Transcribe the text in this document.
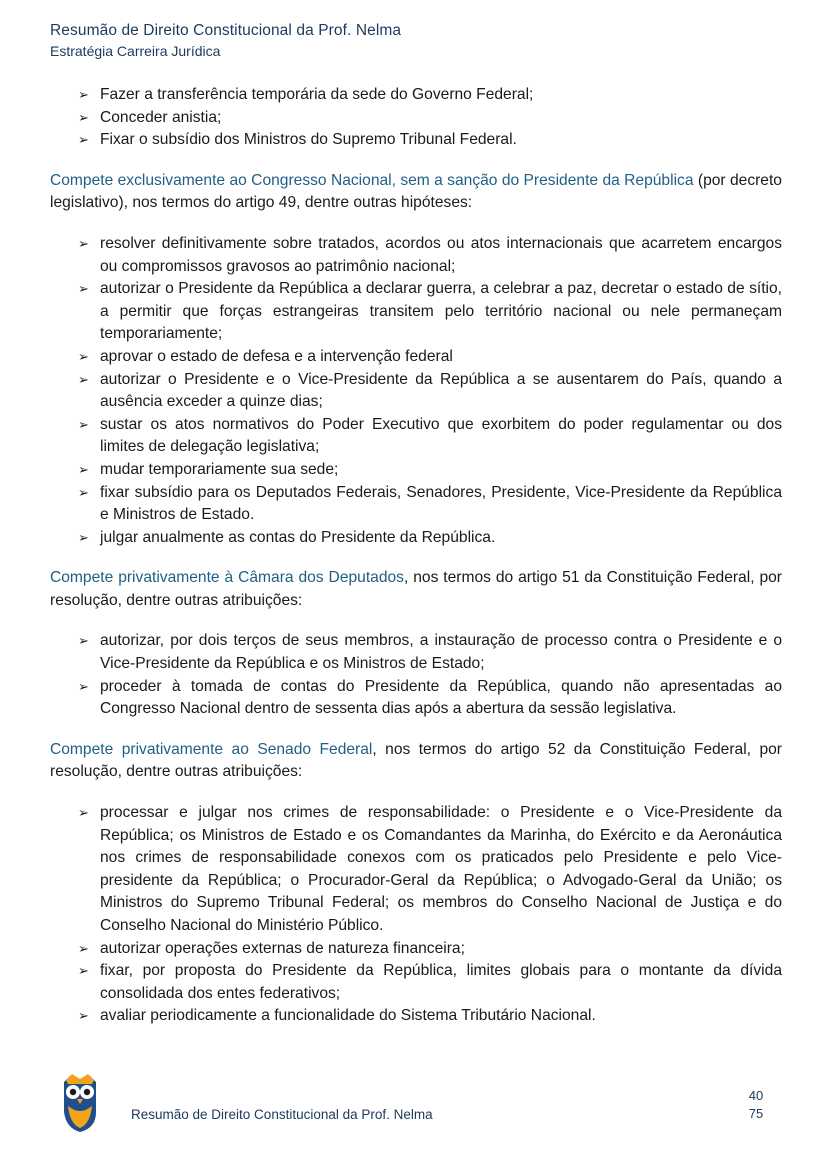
Resumão de Direito Constitucional da Prof. Nelma
Estratégia Carreira Jurídica
➢ Fazer a transferência temporária da sede do Governo Federal;
➢ Conceder anistia;
➢ Fixar o subsídio dos Ministros do Supremo Tribunal Federal.

Compete exclusivamente ao Congresso Nacional, sem a sanção do Presidente da República (por decreto legislativo), nos termos do artigo 49, dentre outras hipóteses:

➢ resolver definitivamente sobre tratados, acordos ou atos internacionais que acarretem encargos ou compromissos gravosos ao patrimônio nacional;
➢ autorizar o Presidente da República a declarar guerra, a celebrar a paz, decretar o estado de sítio, a permitir que forças estrangeiras transitem pelo território nacional ou nele permaneçam temporariamente;
➢ aprovar o estado de defesa e a intervenção federal
➢ autorizar o Presidente e o Vice-Presidente da República a se ausentarem do País, quando a ausência exceder a quinze dias;
➢ sustar os atos normativos do Poder Executivo que exorbitem do poder regulamentar ou dos limites de delegação legislativa;
➢ mudar temporariamente sua sede;
➢ fixar subsídio para os Deputados Federais, Senadores, Presidente, Vice-Presidente da República e Ministros de Estado.
➢ julgar anualmente as contas do Presidente da República.

Compete privativamente à Câmara dos Deputados, nos termos do artigo 51 da Constituição Federal, por resolução, dentre outras atribuições:

➢ autorizar, por dois terços de seus membros, a instauração de processo contra o Presidente e o Vice-Presidente da República e os Ministros de Estado;
➢ proceder à tomada de contas do Presidente da República, quando não apresentadas ao Congresso Nacional dentro de sessenta dias após a abertura da sessão legislativa.

Compete privativamente ao Senado Federal, nos termos do artigo 52 da Constituição Federal, por resolução, dentre outras atribuições:

➢ processar e julgar nos crimes de responsabilidade: o Presidente e o Vice-Presidente da República; os Ministros de Estado e os Comandantes da Marinha, do Exército e da Aeronáutica nos crimes de responsabilidade conexos com os praticados pelo Presidente e pelo Vice-presidente da República; o Procurador-Geral da República; o Advogado-Geral da União; os Ministros do Supremo Tribunal Federal; os membros do Conselho Nacional de Justiça e do Conselho Nacional do Ministério Público.
➢ autorizar operações externas de natureza financeira;
➢ fixar, por proposta do Presidente da República, limites globais para o montante da dívida consolidada dos entes federativos;
➢ avaliar periodicamente a funcionalidade do Sistema Tributário Nacional.
Resumão de Direito Constitucional da Prof. Nelma
40
75
